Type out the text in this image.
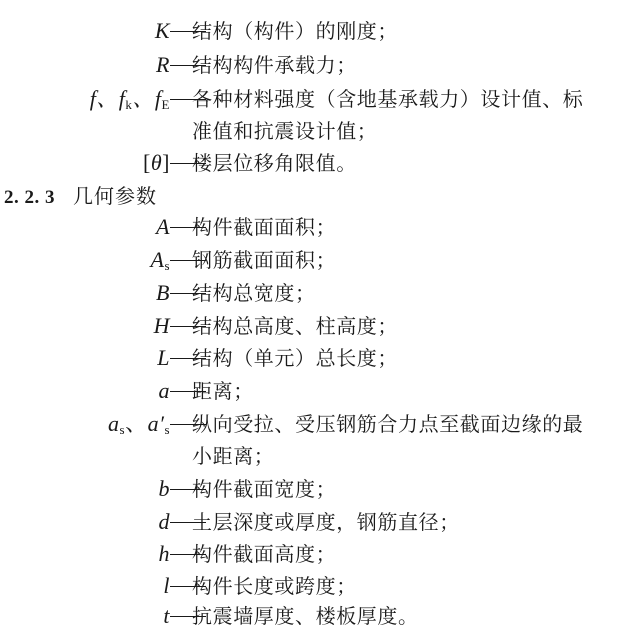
K 结构（构件）的刚度；
R 结构构件承载力；
f、$f_k$、$f_E$ 各种材料强度（含地基承载力）设计值、标
准值和抗震设计值；
[θ] 楼层位移角限值。
2. 2. 3 几何参数
A 构件截面面积；
$A_s$ 钢筋截面面积；
B 结构总宽度；
H 结构总高度、柱高度；
L 结构（单元）总长度；
a 距离；
$a_s$、$a'_s$ 纵向受拉、受压钢筋合力点至截面边缘的最
小距离；
b 构件截面宽度；
d 土层深度或厚度，钢筋直径；
h 构件截面高度；
l 构件长度或跨度；
t 抗震墙厚度、楼板厚度。
